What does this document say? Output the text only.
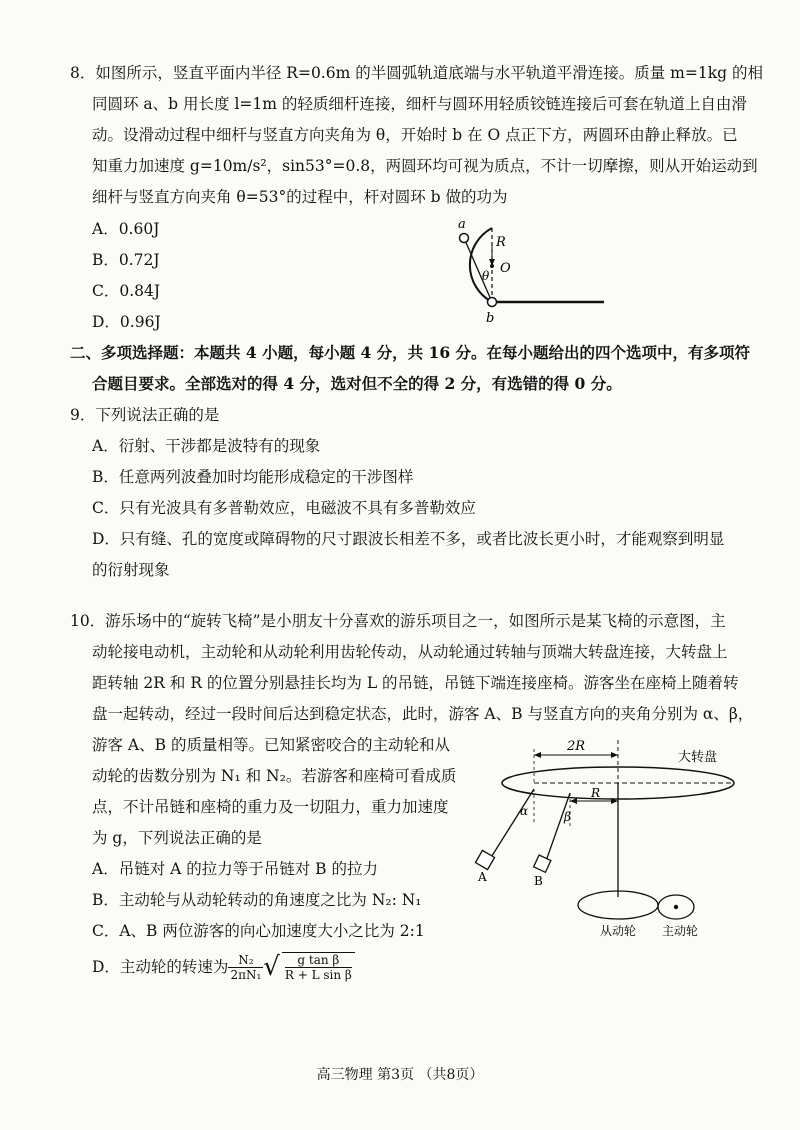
8．如图所示，竖直平面内半径 R=0.6m 的半圆弧轨道底端与水平轨道平滑连接。质量 m=1kg 的相
同圆环 a、b 用长度 l=1m 的轻质细杆连接，细杆与圆环用轻质铰链连接后可套在轨道上自由滑
动。设滑动过程中细杆与竖直方向夹角为 θ，开始时 b 在 O 点正下方，两圆环由静止释放。已
知重力加速度 g=10m/s²，sin53°=0.8，两圆环均可视为质点，不计一切摩擦，则从开始运动到
细杆与竖直方向夹角 θ=53°的过程中，杆对圆环 b 做的功为
A．0.60J
B．0.72J
C．0.84J
D．0.96J
a
R
O
θ
b
二、多项选择题：本题共 4 小题，每小题 4 分，共 16 分。在每小题给出的四个选项中，有多项符
合题目要求。全部选对的得 4 分，选对但不全的得 2 分，有选错的得 0 分。
9．下列说法正确的是
A．衍射、干涉都是波特有的现象
B．任意两列波叠加时均能形成稳定的干涉图样
C．只有光波具有多普勒效应，电磁波不具有多普勒效应
D．只有缝、孔的宽度或障碍物的尺寸跟波长相差不多，或者比波长更小时，才能观察到明显
的衍射现象
10．游乐场中的“旋转飞椅”是小朋友十分喜欢的游乐项目之一，如图所示是某飞椅的示意图，主
动轮接电动机，主动轮和从动轮利用齿轮传动，从动轮通过转轴与顶端大转盘连接，大转盘上
距转轴 2R 和 R 的位置分别悬挂长均为 L 的吊链，吊链下端连接座椅。游客坐在座椅上随着转
盘一起转动，经过一段时间后达到稳定状态，此时，游客 A、B 与竖直方向的夹角分别为 α、β，
游客 A、B 的质量相等。已知紧密咬合的主动轮和从
动轮的齿数分别为 N₁ 和 N₂。若游客和座椅可看成质
点，不计吊链和座椅的重力及一切阻力，重力加速度
为 g，下列说法正确的是
A．吊链对 A 的拉力等于吊链对 B 的拉力
B．主动轮与从动轮转动的角速度之比为 N₂: N₁
C．A、B 两位游客的向心加速度大小之比为 2:1
D．主动轮的转速为 $\frac{\text{N₂}}{\text{2πN₁}}$ √ $\frac{\text{g tan β}}{\text{R + L sin β}}$
2R
R
大转盘
α
A
β
B
从动轮 主动轮
高三物理 第3页 （共8页）
